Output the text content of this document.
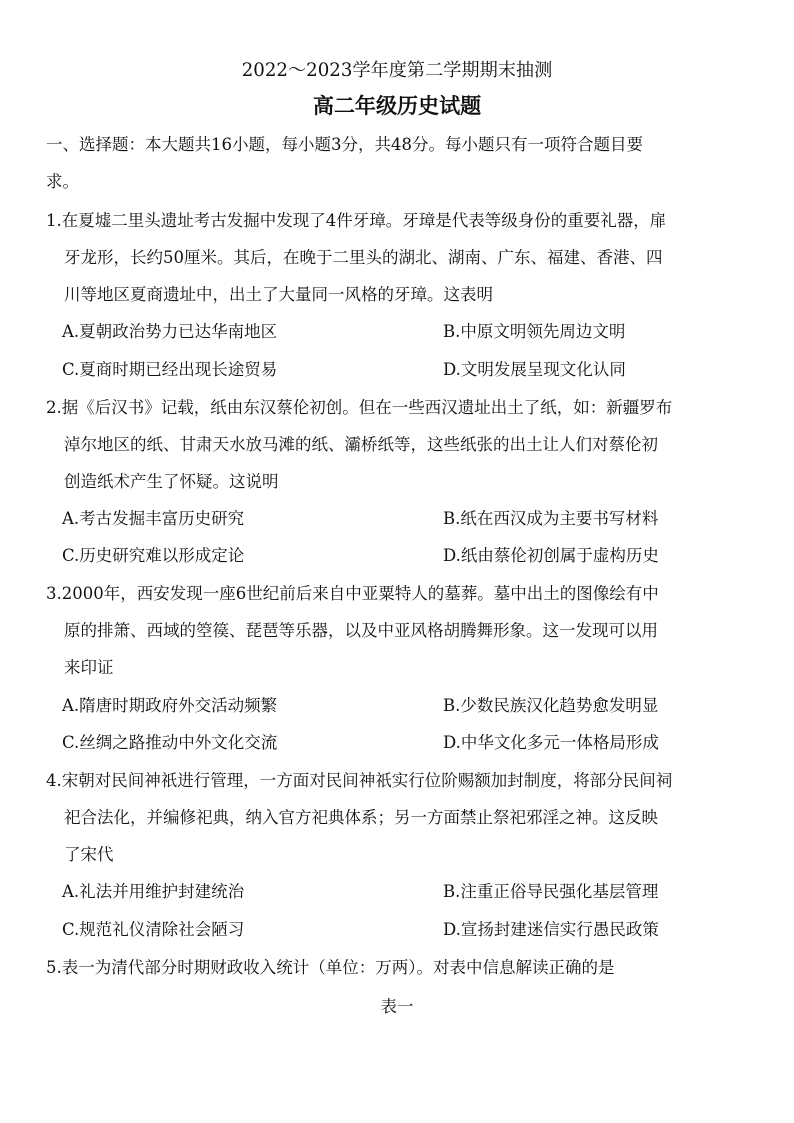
2022～2023学年度第二学期期末抽测
高二年级历史试题
一、选择题：本大题共16小题，每小题3分，共48分。每小题只有一项符合题目要
求。
1.在夏墟二里头遗址考古发掘中发现了4件牙璋。牙璋是代表等级身份的重要礼器，扉
牙龙形，长约50厘米。其后，在晚于二里头的湖北、湖南、广东、福建、香港、四
川等地区夏商遗址中，出土了大量同一风格的牙璋。这表明
A.夏朝政治势力已达华南地区	B.中原文明领先周边文明
C.夏商时期已经出现长途贸易	D.文明发展呈现文化认同
2.据《后汉书》记载，纸由东汉蔡伦初创。但在一些西汉遗址出土了纸，如：新疆罗布
淖尔地区的纸、甘肃天水放马滩的纸、灞桥纸等，这些纸张的出土让人们对蔡伦初
创造纸术产生了怀疑。这说明
A.考古发掘丰富历史研究	B.纸在西汉成为主要书写材料
C.历史研究难以形成定论	D.纸由蔡伦初创属于虚构历史
3.2000年，西安发现一座6世纪前后来自中亚粟特人的墓葬。墓中出土的图像绘有中
原的排箫、西域的箜篌、琵琶等乐器，以及中亚风格胡腾舞形象。这一发现可以用
来印证
A.隋唐时期政府外交活动频繁	B.少数民族汉化趋势愈发明显
C.丝绸之路推动中外文化交流	D.中华文化多元一体格局形成
4.宋朝对民间神祇进行管理，一方面对民间神祇实行位阶赐额加封制度，将部分民间祠
祀合法化，并编修祀典，纳入官方祀典体系；另一方面禁止祭祀邪淫之神。这反映
了宋代
A.礼法并用维护封建统治	B.注重正俗导民强化基层管理
C.规范礼仪清除社会陋习	D.宣扬封建迷信实行愚民政策
5.表一为清代部分时期财政收入统计（单位：万两）。对表中信息解读正确的是
表一
